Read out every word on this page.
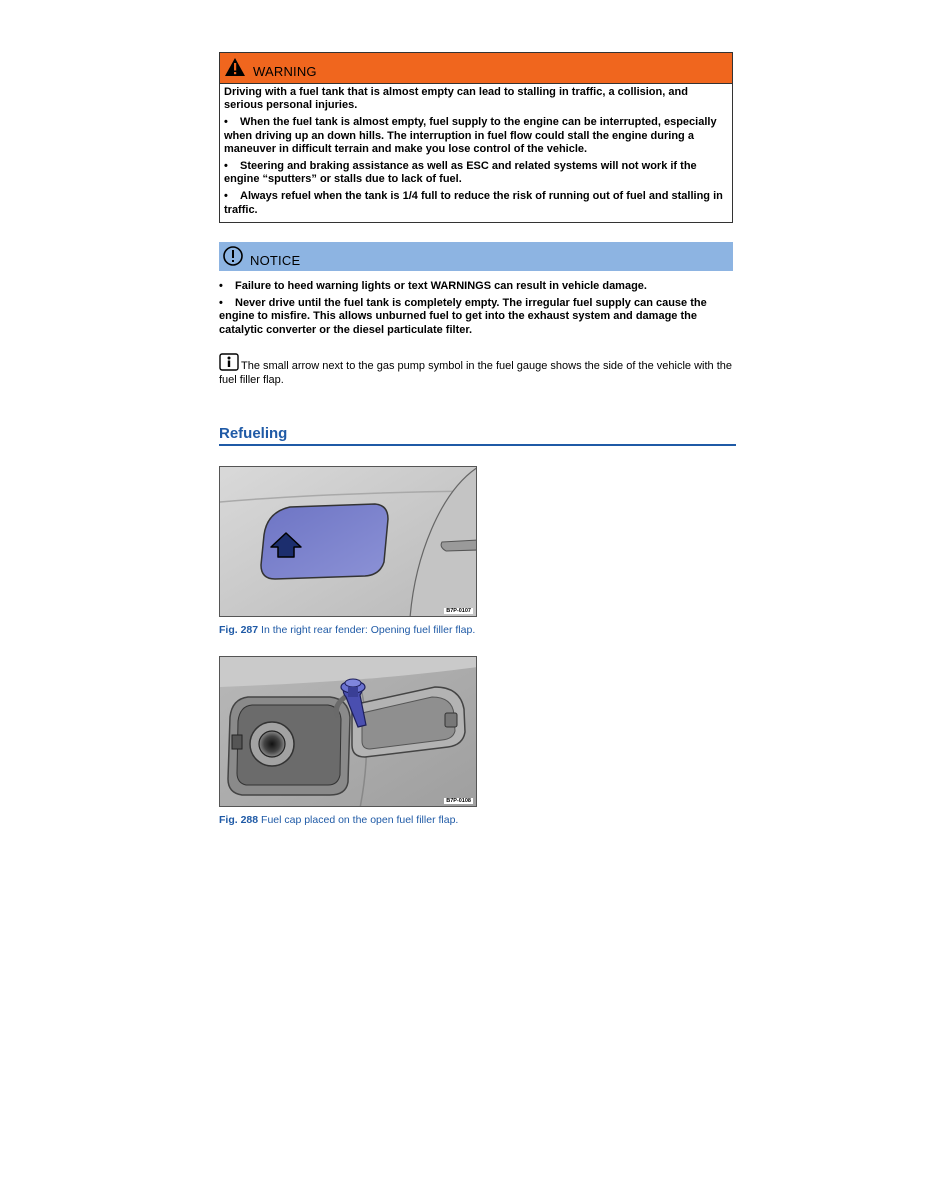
WARNING

Driving with a fuel tank that is almost empty can lead to stalling in traffic, a collision, and serious personal injuries.

• When the fuel tank is almost empty, fuel supply to the engine can be interrupted, especially when driving up an down hills. The interruption in fuel flow could stall the engine during a maneuver in difficult terrain and make you lose control of the vehicle.

• Steering and braking assistance as well as ESC and related systems will not work if the engine “sputters” or stalls due to lack of fuel.

• Always refuel when the tank is 1/4 full to reduce the risk of running out of fuel and stalling in traffic.

NOTICE

• Failure to heed warning lights or text WARNINGS can result in vehicle damage.

• Never drive until the fuel tank is completely empty. The irregular fuel supply can cause the engine to misfire. This allows unburned fuel to get into the exhaust system and damage the catalytic converter or the diesel particulate filter.

The small arrow next to the gas pump symbol in the fuel gauge shows the side of the vehicle with the fuel filler flap.
Refueling
B7P-0107
Fig. 287 In the right rear fender: Opening fuel filler flap.
B7P-0108
Fig. 288 Fuel cap placed on the open fuel filler flap.
